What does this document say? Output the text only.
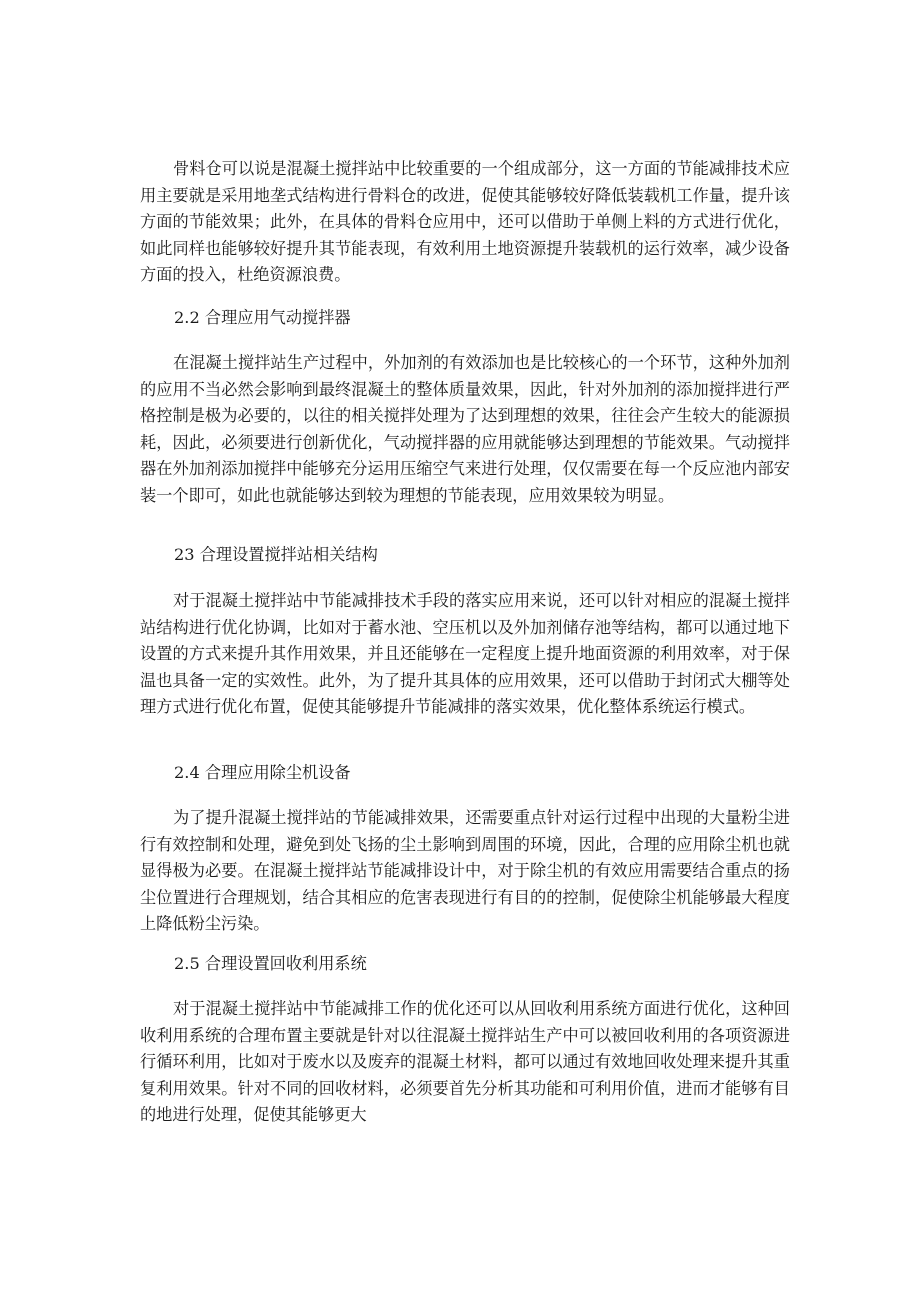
骨料仓可以说是混凝土搅拌站中比较重要的一个组成部分，这一方面的节能减排技术应用主要就是采用地垄式结构进行骨料仓的改进，促使其能够较好降低装载机工作量，提升该方面的节能效果；此外，在具体的骨料仓应用中，还可以借助于单侧上料的方式进行优化，如此同样也能够较好提升其节能表现，有效利用土地资源提升装载机的运行效率，减少设备方面的投入，杜绝资源浪费。

2.2 合理应用气动搅拌器

在混凝土搅拌站生产过程中，外加剂的有效添加也是比较核心的一个环节，这种外加剂的应用不当必然会影响到最终混凝土的整体质量效果，因此，针对外加剂的添加搅拌进行严格控制是极为必要的，以往的相关搅拌处理为了达到理想的效果，往往会产生较大的能源损耗，因此，必须要进行创新优化，气动搅拌器的应用就能够达到理想的节能效果。气动搅拌器在外加剂添加搅拌中能够充分运用压缩空气来进行处理，仅仅需要在每一个反应池内部安装一个即可，如此也就能够达到较为理想的节能表现，应用效果较为明显。

23 合理设置搅拌站相关结构

对于混凝土搅拌站中节能减排技术手段的落实应用来说，还可以针对相应的混凝土搅拌站结构进行优化协调，比如对于蓄水池、空压机以及外加剂储存池等结构，都可以通过地下设置的方式来提升其作用效果，并且还能够在一定程度上提升地面资源的利用效率，对于保温也具备一定的实效性。此外，为了提升其具体的应用效果，还可以借助于封闭式大棚等处理方式进行优化布置，促使其能够提升节能减排的落实效果，优化整体系统运行模式。

2.4 合理应用除尘机设备

为了提升混凝土搅拌站的节能减排效果，还需要重点针对运行过程中出现的大量粉尘进行有效控制和处理，避免到处飞扬的尘土影响到周围的环境，因此，合理的应用除尘机也就显得极为必要。在混凝土搅拌站节能减排设计中，对于除尘机的有效应用需要结合重点的扬尘位置进行合理规划，结合其相应的危害表现进行有目的的控制，促使除尘机能够最大程度上降低粉尘污染。

2.5 合理设置回收利用系统

对于混凝土搅拌站中节能减排工作的优化还可以从回收利用系统方面进行优化，这种回收利用系统的合理布置主要就是针对以往混凝土搅拌站生产中可以被回收利用的各项资源进行循环利用，比如对于废水以及废弃的混凝土材料，都可以通过有效地回收处理来提升其重复利用效果。针对不同的回收材料，必须要首先分析其功能和可利用价值，进而才能够有目的地进行处理，促使其能够更大
